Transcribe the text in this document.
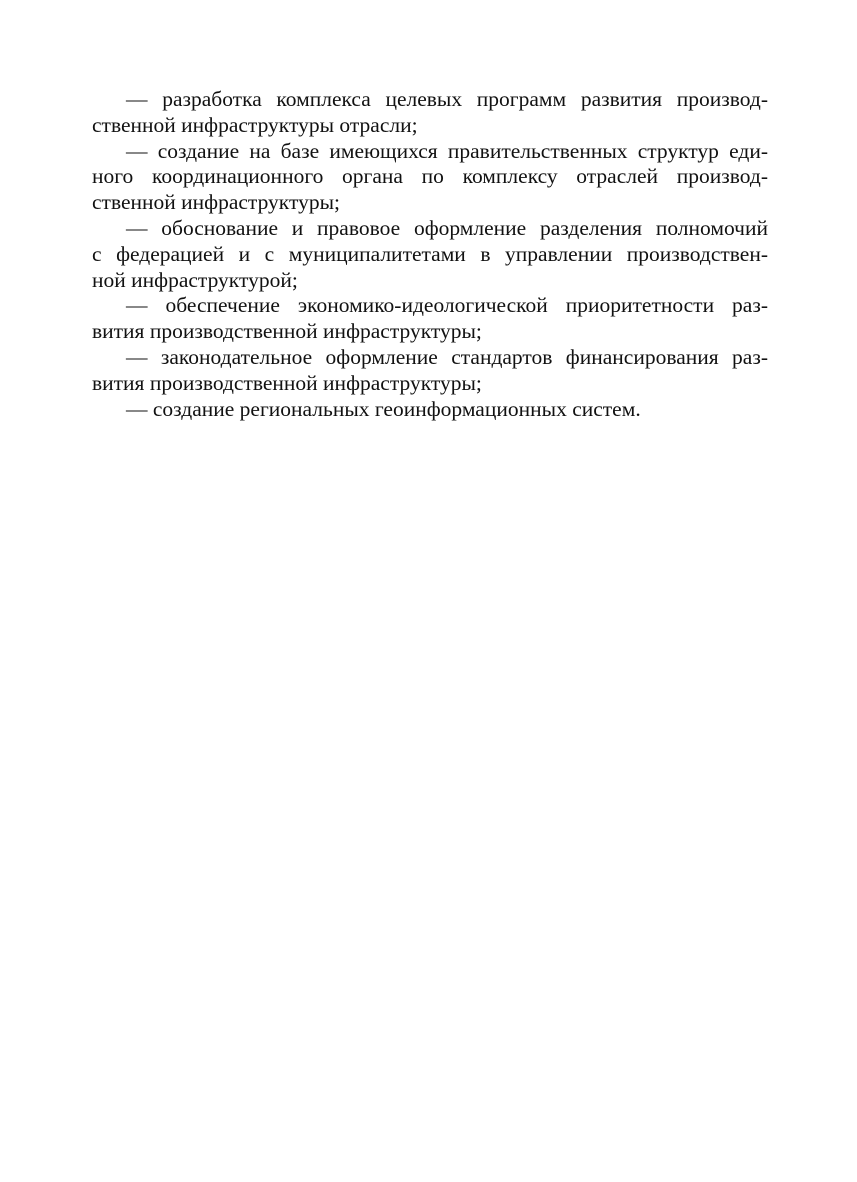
— разработка комплекса целевых программ развития производ-
ственной инфраструктуры отрасли;

— создание на базе имеющихся правительственных структур еди-
ного координационного органа по комплексу отраслей производ-
ственной инфраструктуры;

— обоснование и правовое оформление разделения полномочий
с федерацией и с муниципалитетами в управлении производствен-
ной инфраструктурой;

— обеспечение экономико-идеологической приоритетности раз-
вития производственной инфраструктуры;

— законодательное оформление стандартов финансирования раз-
вития производственной инфраструктуры;

— создание региональных геоинформационных систем.
